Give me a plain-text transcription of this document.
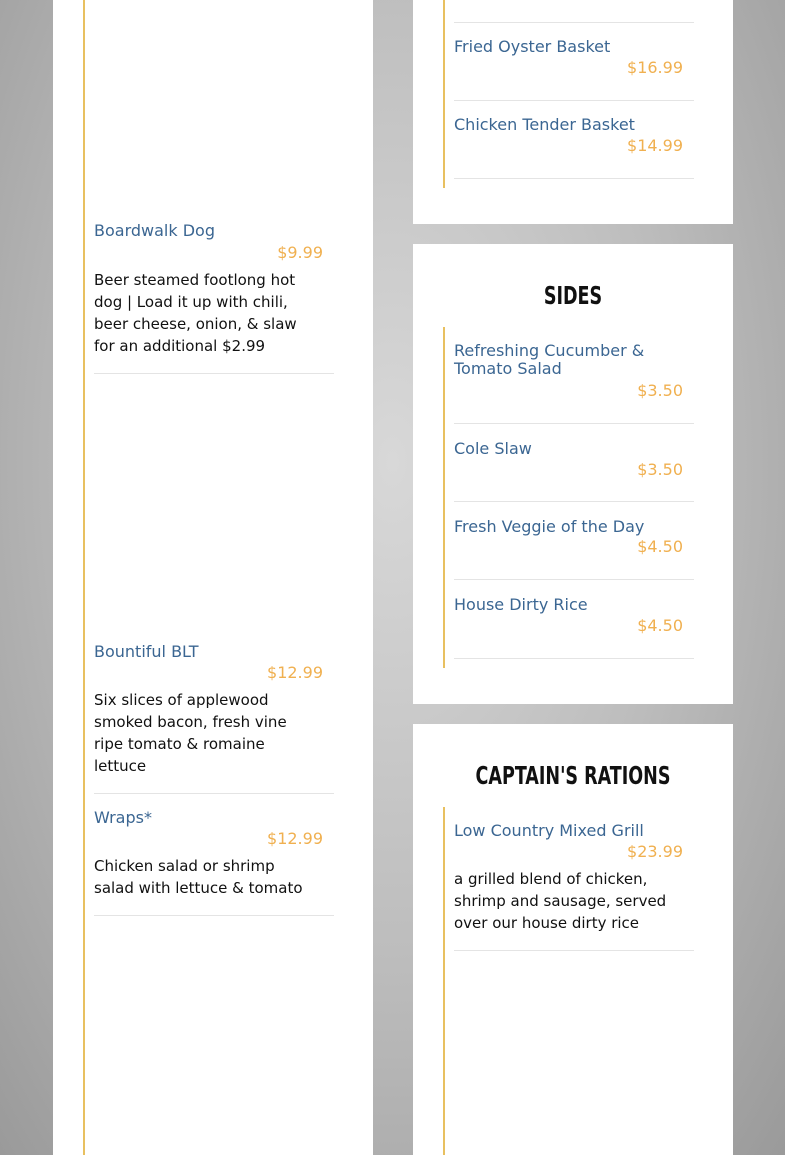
Boardwalk Dog
$9.99
Beer steamed footlong hot dog | Load it up with chili, beer cheese, onion, & slaw for an additional $2.99
Bountiful BLT
$12.99
Six slices of applewood smoked bacon, fresh vine ripe tomato & romaine lettuce
Wraps*
$12.99
Chicken salad or shrimp salad with lettuce & tomato
Fried Oyster Basket
$16.99
Chicken Tender Basket
$14.99
SIDES
Refreshing Cucumber & Tomato Salad
$3.50
Cole Slaw
$3.50
Fresh Veggie of the Day
$4.50
House Dirty Rice
$4.50
CAPTAIN'S RATIONS
Low Country Mixed Grill
$23.99
a grilled blend of chicken, shrimp and sausage, served over our house dirty rice
